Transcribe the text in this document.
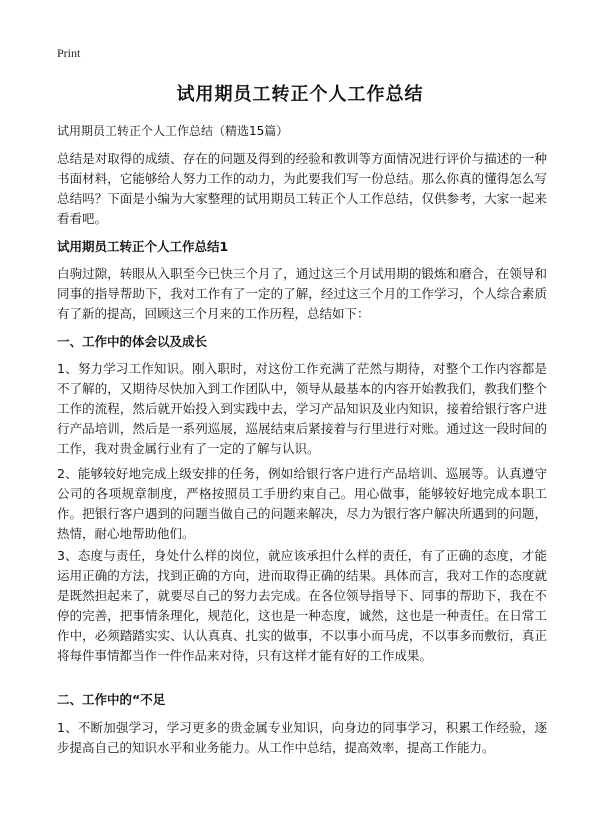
Print
试用期员工转正个人工作总结
试用期员工转正个人工作总结（精选15篇）
总结是对取得的成绩、存在的问题及得到的经验和教训等方面情况进行评价与描述的一种书面材料，它能够给人努力工作的动力，为此要我们写一份总结。那么你真的懂得怎么写总结吗？下面是小编为大家整理的试用期员工转正个人工作总结，仅供参考，大家一起来看看吧。
试用期员工转正个人工作总结1
白驹过隙，转眼从入职至今已快三个月了，通过这三个月试用期的锻炼和磨合，在领导和同事的指导帮助下，我对工作有了一定的了解，经过这三个月的工作学习，个人综合素质有了新的提高，回顾这三个月来的工作历程，总结如下：
一、工作中的体会以及成长
1、努力学习工作知识。刚入职时，对这份工作充满了茫然与期待，对整个工作内容都是不了解的，又期待尽快加入到工作团队中，领导从最基本的内容开始教我们，教我们整个工作的流程，然后就开始投入到实践中去，学习产品知识及业内知识，接着给银行客户进行产品培训，然后是一系列巡展，巡展结束后紧接着与行里进行对账。通过这一段时间的工作，我对贵金属行业有了一定的了解与认识。
2、能够较好地完成上级安排的任务，例如给银行客户进行产品培训、巡展等。认真遵守公司的各项规章制度，严格按照员工手册约束自己。用心做事，能够较好地完成本职工作。把银行客户遇到的问题当做自己的问题来解决，尽力为银行客户解决所遇到的问题，热情，耐心地帮助他们。
3、态度与责任，身处什么样的岗位，就应该承担什么样的责任，有了正确的态度，才能运用正确的方法，找到正确的方向，进而取得正确的结果。具体而言，我对工作的态度就是既然担起来了，就要尽自己的努力去完成。在各位领导指导下、同事的帮助下，我在不停的完善，把事情条理化，规范化，这也是一种态度，诚然，这也是一种责任。在日常工作中，必须踏踏实实、认认真真、扎实的做事，不以事小而马虎，不以事多而敷衍，真正将每件事情都当作一件作品来对待，只有这样才能有好的工作成果。
二、工作中的“不足
1、不断加强学习，学习更多的贵金属专业知识，向身边的同事学习，积累工作经验，逐步提高自己的知识水平和业务能力。从工作中总结，提高效率，提高工作能力。
